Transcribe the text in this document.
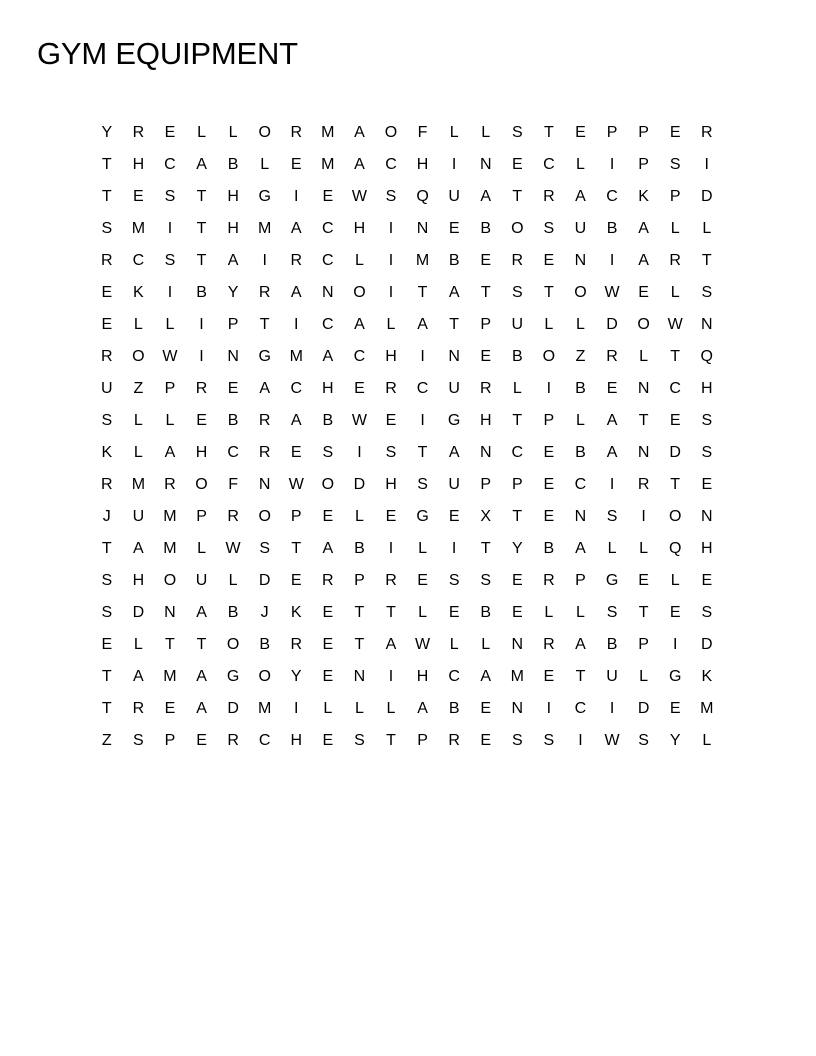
GYM EQUIPMENT
Y	R	E	L	L	O	R	M	A	O	F	L	L	S	T	E	P	P	E	R
T	H	C	A	B	L	E	M	A	C	H	I	N	E	C	L	I	P	S	I
T	E	S	T	H	G	I	E	W	S	Q	U	A	T	R	A	C	K	P	D
S	M	I	T	H	M	A	C	H	I	N	E	B	O	S	U	B	A	L	L
R	C	S	T	A	I	R	C	L	I	M	B	E	R	E	N	I	A	R	T
E	K	I	B	Y	R	A	N	O	I	T	A	T	S	T	O	W	E	L	S
E	L	L	I	P	T	I	C	A	L	A	T	P	U	L	L	D	O	W	N
R	O	W	I	N	G	M	A	C	H	I	N	E	B	O	Z	R	L	T	Q
U	Z	P	R	E	A	C	H	E	R	C	U	R	L	I	B	E	N	C	H
S	L	L	E	B	R	A	B	W	E	I	G	H	T	P	L	A	T	E	S
K	L	A	H	C	R	E	S	I	S	T	A	N	C	E	B	A	N	D	S
R	M	R	O	F	N	W	O	D	H	S	U	P	P	E	C	I	R	T	E
J	U	M	P	R	O	P	E	L	E	G	E	X	T	E	N	S	I	O	N
T	A	M	L	W	S	T	A	B	I	L	I	T	Y	B	A	L	L	Q	H
S	H	O	U	L	D	E	R	P	R	E	S	S	E	R	P	G	E	L	E
S	D	N	A	B	J	K	E	T	T	L	E	B	E	L	L	S	T	E	S
E	L	T	T	O	B	R	E	T	A	W	L	L	N	R	A	B	P	I	D
T	A	M	A	G	O	Y	E	N	I	H	C	A	M	E	T	U	L	G	K
T	R	E	A	D	M	I	L	L	L	A	B	E	N	I	C	I	D	E	M
Z	S	P	E	R	C	H	E	S	T	P	R	E	S	S	I	W	S	Y	L
